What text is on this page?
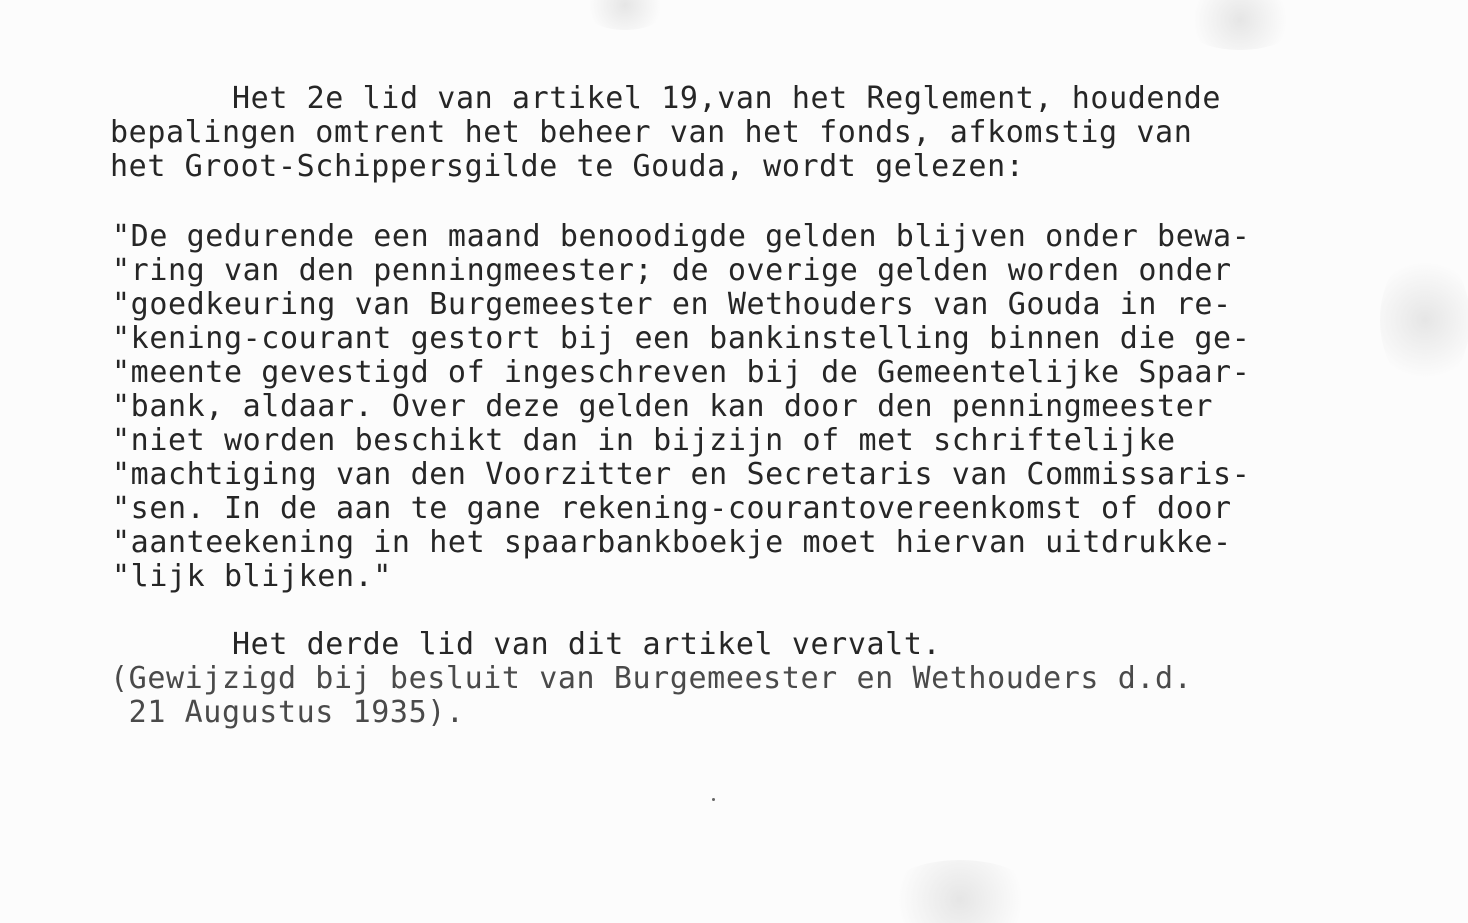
Het 2e lid van artikel 19,van het Reglement, houdende

bepalingen omtrent het beheer van het fonds, afkomstig van

het Groot-Schippersgilde te Gouda, wordt gelezen:

"De gedurende een maand benoodigde gelden blijven onder bewa-

"ring van den penningmeester; de overige gelden worden onder

"goedkeuring van Burgemeester en Wethouders van Gouda in re-

"kening-courant gestort bij een bankinstelling binnen die ge-

"meente gevestigd of ingeschreven bij de Gemeentelijke Spaar-

"bank, aldaar. Over deze gelden kan door den penningmeester

"niet worden beschikt dan in bijzijn of met schriftelijke

"machtiging van den Voorzitter en Secretaris van Commissaris-

"sen. In de aan te gane rekening-courantovereenkomst of door

"aanteekening in het spaarbankboekje moet hiervan uitdrukke-

"lijk blijken."

Het derde lid van dit artikel vervalt.

(Gewijzigd bij besluit van Burgemeester en Wethouders d.d.

21 Augustus 1935).
